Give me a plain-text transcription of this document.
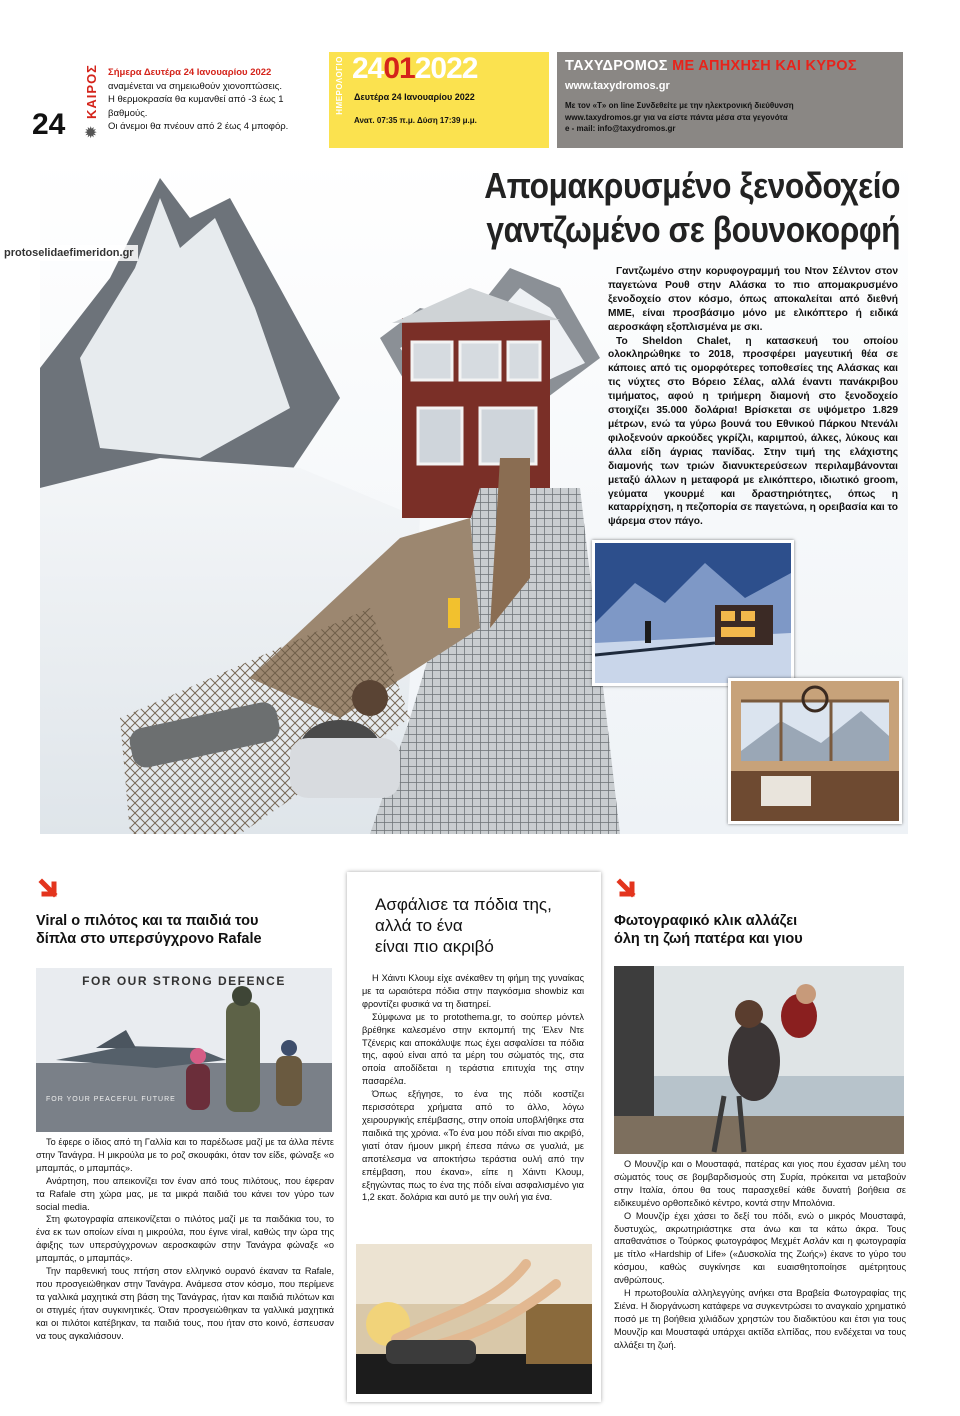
24
ΚΑΙΡΟΣ
✹
Σήμερα Δευτέρα 24 Ιανουαρίου 2022
αναμένεται να σημειωθούν χιονοπτώσεις.
Η θερμοκρασία θα κυμανθεί από -3 έως 1 βαθμούς.
Οι άνεμοι θα πνέουν από 2 έως 4 μποφόρ.
ΗΜΕΡΟΛΟΓΙΟ 24012022
Δευτέρα 24 Ιανουαρίου 2022
Ανατ. 07:35 π.μ. Δύση 17:39 μ.μ.
ΤΑΧΥΔΡΟΜΟΣ ΜΕ ΑΠΗΧΗΣΗ ΚΑΙ ΚΥΡΟΣ
www.taxydromos.gr
Με τον «Τ» on line Συνδεθείτε με την ηλεκτρονική διεύθυνση
www.taxydromos.gr για να είστε πάντα μέσα στα γεγονότα
e - mail: info@taxydromos.gr
Απομακρυσμένο ξενοδοχείο
γαντζωμένο σε βουνοκορφή
protoselidaefimeridon.gr

Γαντζωμένο στην κορυφογραμμή του Ντον Σέλντον στον παγετώνα Ρουθ στην Αλάσκα το πιο απομακρυσμένο ξενοδοχείο στον κόσμο, όπως αποκαλείται από διεθνή ΜΜΕ, είναι προσβάσιμο μόνο με ελικόπτερο ή ειδικά αεροσκάφη εξοπλισμένα με σκι.

Το Sheldon Chalet, η κατασκευή του οποίου ολοκληρώθηκε το 2018, προσφέρει μαγευτική θέα σε κάποιες από τις ομορφότερες τοποθεσίες της Αλάσκας και τις νύχτες στο Βόρειο Σέλας, αλλά έναντι πανάκριβου τιμήματος, αφού η τριήμερη διαμονή στο ξενοδοχείο στοιχίζει 35.000 δολάρια! Βρίσκεται σε υψόμετρο 1.829 μέτρων, ενώ τα γύρω βουνά του Εθνικού Πάρκου Ντενάλι φιλοξενούν αρκούδες γκρίζλι, καριμπού, άλκες, λύκους και άλλα είδη άγριας πανίδας. Στην τιμή της ελάχιστης διαμονής των τριών διανυκτερεύσεων περιλαμβάνονται μεταξύ άλλων η μεταφορά με ελικόπτερο, ιδιωτικό groom, γεύματα γκουρμέ και δραστηριότητες, όπως η καταρρίχηση, η πεζοπορία σε παγετώνα, η ορειβασία και το ψάρεμα στον πάγο.

Viral ο πιλότος και τα παιδιά του
δίπλα στο υπερσύγχρονο Rafale
FOR OUR STRONG DEFENCE
FOR YOUR PEACEFUL FUTURE

Το έφερε ο ίδιος από τη Γαλλία και το παρέδωσε μαζί με τα άλλα πέντε στην Τανάγρα. Η μικρούλα με το ροζ σκουφάκι, όταν τον είδε, φώναξε «ο μπαμπάς, ο μπαμπάς».

Ανάρτηση, που απεικονίζει τον έναν από τους πιλότους, που έφεραν τα Rafale στη χώρα μας, με τα μικρά παιδιά του κάνει τον γύρο των social media.

Στη φωτογραφία απεικονίζεται ο πιλότος μαζί με τα παιδάκια του, το ένα εκ των οποίων είναι η μικρούλα, που έγινε viral, καθώς την ώρα της άφιξης των υπερσύγχρονων αεροσκαφών στην Τανάγρα φώναξε «ο μπαμπάς, ο μπαμπάς».

Την παρθενική τους πτήση στον ελληνικό ουρανό έκαναν τα Rafale, που προσγειώθηκαν στην Τανάγρα. Ανάμεσα στον κόσμο, που περίμενε τα γαλλικά μαχητικά στη βάση της Τανάγρας, ήταν και παιδιά πιλότων και οι στιγμές ήταν συγκινητικές. Όταν προσγειώθηκαν τα γαλλικά μαχητικά και οι πιλότοι κατέβηκαν, τα παιδιά τους, που ήταν στο κοινό, έσπευσαν να τους αγκαλιάσουν.

Ασφάλισε τα πόδια της,
αλλά το ένα
είναι πιο ακριβό

Η Χάιντι Κλουμ είχε ανέκαθεν τη φήμη της γυναίκας με τα ωραιότερα πόδια στην παγκόσμια showbiz και φροντίζει φυσικά να τη διατηρεί.

Σύμφωνα με το protothema.gr, το σούπερ μόντελ βρέθηκε καλεσμένο στην εκπομπή της Έλεν Ντε Τζένερις και αποκάλυψε πως έχει ασφαλίσει τα πόδια της, αφού είναι από τα μέρη του σώματός της, στα οποία αποδίδεται η τεράστια επιτυχία της στην πασαρέλα.

Όπως εξήγησε, το ένα της πόδι κοστίζει περισσότερα χρήματα από το άλλο, λόγω χειρουργικής επέμβασης, στην οποία υποβλήθηκε στα παιδικά της χρόνια. «Το ένα μου πόδι είναι πιο ακριβό, γιατί όταν ήμουν μικρή έπεσα πάνω σε γυαλιά, με αποτέλεσμα να αποκτήσω τεράστια ουλή από την επέμβαση, που έκανα», είπε η Χάιντι Κλουμ, εξηγώντας πως το ένα της πόδι είναι ασφαλισμένο για 1,2 εκατ. δολάρια και αυτό με την ουλή για ένα.

Φωτογραφικό κλικ αλλάζει
όλη τη ζωή πατέρα και γιου

Ο Μουνζίρ και ο Μουσταφά, πατέρας και γιος που έχασαν μέλη του σώματός τους σε βομβαρδισμούς στη Συρία, πρόκειται να μεταβούν στην Ιταλία, όπου θα τους παρασχεθεί κάθε δυνατή βοήθεια σε ειδικευμένο ορθοπεδικό κέντρο, κοντά στην Μπολόνια.

Ο Μουνζίρ έχει χάσει το δεξί του πόδι, ενώ ο μικρός Μουσταφά, δυστυχώς, ακρωτηριάστηκε στα άνω και τα κάτω άκρα. Τους απαθανάτισε ο Τούρκος φωτογράφος Μεχμέτ Ασλάν και η φωτογραφία με τίτλο «Hardship of Life» («Δυσκολία της Ζωής») έκανε το γύρο του κόσμου, καθώς συγκίνησε και ευαισθητοποίησε αμέτρητους ανθρώπους.

Η πρωτοβουλία αλληλεγγύης ανήκει στα Βραβεία Φωτογραφίας της Σιένα. Η διοργάνωση κατάφερε να συγκεντρώσει το αναγκαίο χρηματικό ποσό με τη βοήθεια χιλιάδων χρηστών του διαδικτύου και έτσι για τους Μουνζίρ και Μουσταφά υπάρχει ακτίδα ελπίδας, που ενδέχεται να τους αλλάξει τη ζωή.
